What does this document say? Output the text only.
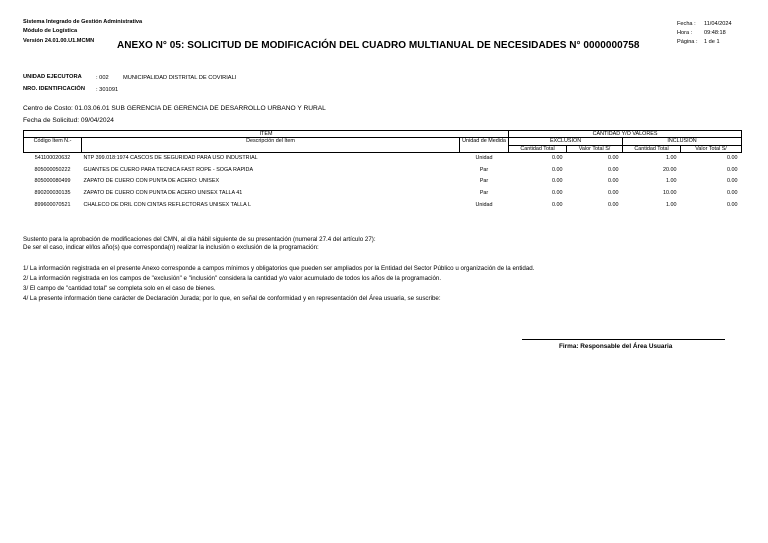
Sistema Integrado de Gestión Administrativa
Módulo de Logística
Versión 24.01.00.U1.MCMN ANEXO N° 05: SOLICITUD DE MODIFICACIÓN DEL CUADRO MULTIANUAL DE NECESIDADES N° 0000000758
Fecha : 11/04/2024
Hora : 09:48:18
Página : 1 de 1
UNIDAD EJECUTORA	: 002	MUNICIPALIDAD DISTRITAL DE COVIRIALI
NRO. IDENTIFICACIÓN : 301091
Centro de Costo: 01.03.06.01 SUB GERENCIA DE GERENCIA DE DESARROLLO URBANO Y RURAL
Fecha de Solicitud: 09/04/2024
ITEM			CANTIDAD Y/O VALORES			
Código Ítem N.-	Descripción del Ítem	Unidad de Medida	EXCLUSIÓN		INCLUSIÓN	
			Cantidad Total	Valor Total S/	Cantidad Total	Valor Total S/
541100020632	NTP 399.018:1974 CASCOS DE SEGURIDAD PARA USO INDUSTRIAL	Unidad	0.00	0.00	1.00	0.00
805000050222	GUANTES DE CUERO PARA TECNICA FAST ROPE - SOGA RAPIDA	Par	0.00	0.00	20.00	0.00
805000080499	ZAPATO DE CUERO CON PUNTA DE ACERO: UNISEX	Par	0.00	0.00	1.00	0.00
890200030135	ZAPATO DE CUERO CON PUNTA DE ACERO UNISEX TALLA 41	Par	0.00	0.00	10.00	0.00
899600070521	CHALECO DE DRIL CON CINTAS REFLECTORAS UNISEX TALLA L	Unidad	0.00	0.00	1.00	0.00
Sustento para la aprobación de modificaciones del CMN, al día hábil siguiente de su presentación (numeral 27.4 del artículo 27):
De ser el caso, indicar el/los año(s) que corresponda(n) realizar la inclusión o exclusión de la programación:
1/ La información registrada en el presente Anexo corresponde a campos mínimos y obligatorios que pueden ser ampliados por la Entidad del Sector Público u organización de la entidad.
2/ La información registrada en los campos de "exclusión" e "inclusión" considera la cantidad y/o valor acumulado de todos los años de la programación.
3/ El campo de "cantidad total" se completa solo en el caso de bienes.
4/ La presente información tiene carácter de Declaración Jurada; por lo que, en señal de conformidad y en representación del Área usuaria, se suscribe:
Firma: Responsable del Área Usuaria
